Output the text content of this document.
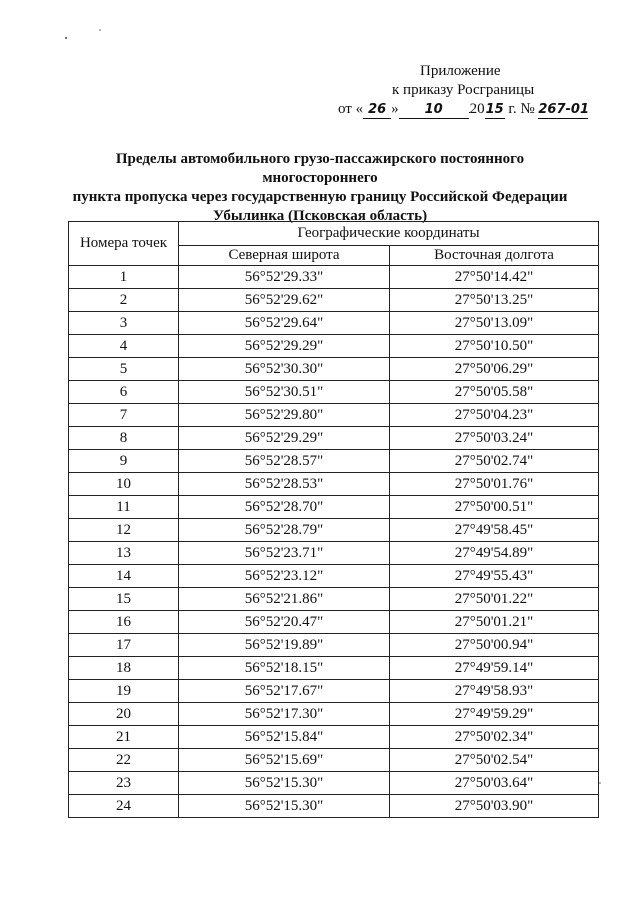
Приложение
к приказу Росграницы
от « 26 » 10 2015 г. № 267-01
Пределы автомобильного грузо-пассажирского постоянного многостороннего
пункта пропуска через государственную границу Российской Федерации
Убылинка (Псковская область)
Номера точек	Географические координаты	
	Северная широта	Восточная долгота
1	56°52'29.33"	27°50'14.42"
2	56°52'29.62"	27°50'13.25"
3	56°52'29.64"	27°50'13.09"
4	56°52'29.29"	27°50'10.50"
5	56°52'30.30"	27°50'06.29"
6	56°52'30.51"	27°50'05.58"
7	56°52'29.80"	27°50'04.23"
8	56°52'29.29"	27°50'03.24"
9	56°52'28.57"	27°50'02.74"
10	56°52'28.53"	27°50'01.76"
11	56°52'28.70"	27°50'00.51"
12	56°52'28.79"	27°49'58.45"
13	56°52'23.71"	27°49'54.89"
14	56°52'23.12"	27°49'55.43"
15	56°52'21.86"	27°50'01.22"
16	56°52'20.47"	27°50'01.21"
17	56°52'19.89"	27°50'00.94"
18	56°52'18.15"	27°49'59.14"
19	56°52'17.67"	27°49'58.93"
20	56°52'17.30"	27°49'59.29"
21	56°52'15.84"	27°50'02.34"
22	56°52'15.69"	27°50'02.54"
23	56°52'15.30"	27°50'03.64"
24	56°52'15.30"	27°50'03.90"
